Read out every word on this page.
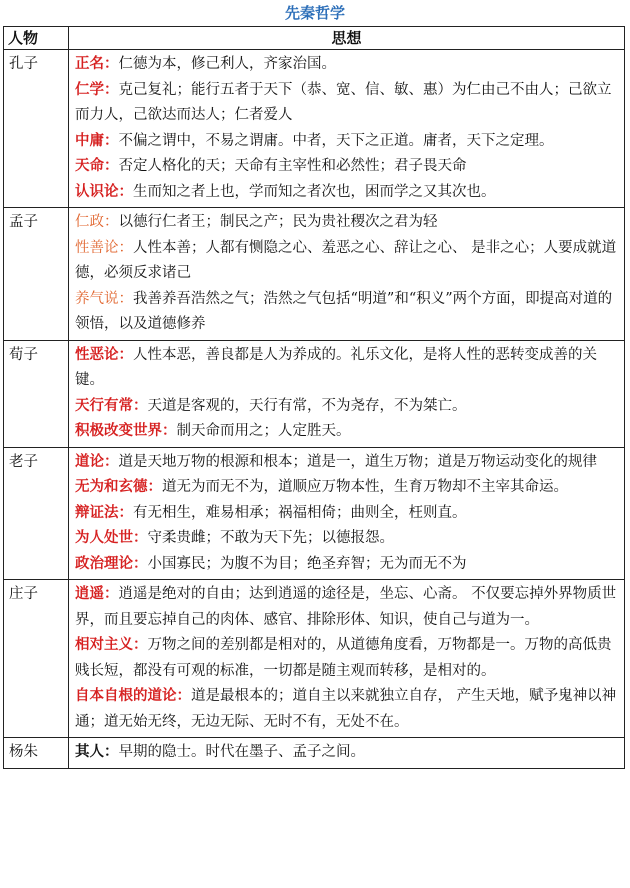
先秦哲学
人物	思想
孔子	正名：仁德为本，修己利人，齐家治国。

仁学：克己复礼；能行五者于天下（恭、宽、信、敏、惠）为仁由己不由人；己欲立而力人，己欲达而达人；仁者爱人

中庸：不偏之谓中，不易之谓庸。中者，天下之正道。庸者，天下之定理。

天命：否定人格化的天；天命有主宰性和必然性；君子畏天命

认识论：生而知之者上也，学而知之者次也，困而学之又其次也。

孟子	仁政：以德行仁者王；制民之产；民为贵社稷次之君为轻

性善论：人性本善；人都有恻隐之心、羞恶之心、辞让之心、 是非之心；人要成就道德，必须反求诸己

养气说：我善养吾浩然之气；浩然之气包括“明道”和“积义”两个方面，即提高对道的领悟，以及道德修养

荀子	性恶论：人性本恶，善良都是人为养成的。礼乐文化，是将人性的恶转变成善的关键。

天行有常：天道是客观的，天行有常，不为尧存，不为桀亡。

积极改变世界：制天命而用之；人定胜天。

老子	道论：道是天地万物的根源和根本；道是一，道生万物；道是万物运动变化的规律

无为和玄德：道无为而无不为，道顺应万物本性，生育万物却不主宰其命运。

辩证法：有无相生，难易相承；祸福相倚；曲则全，枉则直。

为人处世：守柔贵雌；不敢为天下先；以德报怨。

政治理论：小国寡民；为腹不为目；绝圣弃智；无为而无不为

庄子	逍遥：逍遥是绝对的自由；达到逍遥的途径是，坐忘、心斋。 不仅要忘掉外界物质世界，而且要忘掉自己的肉体、感官、排除形体、知识，使自己与道为一。

相对主义：万物之间的差别都是相对的，从道德角度看，万物都是一。万物的高低贵贱长短，都没有可观的标准，一切都是随主观而转移，是相对的。

自本自根的道论：道是最根本的；道自主以来就独立自存， 产生天地，赋予鬼神以神通；道无始无终，无边无际、无时不有，无处不在。

杨朱	其人：早期的隐士。时代在墨子、孟子之间。
